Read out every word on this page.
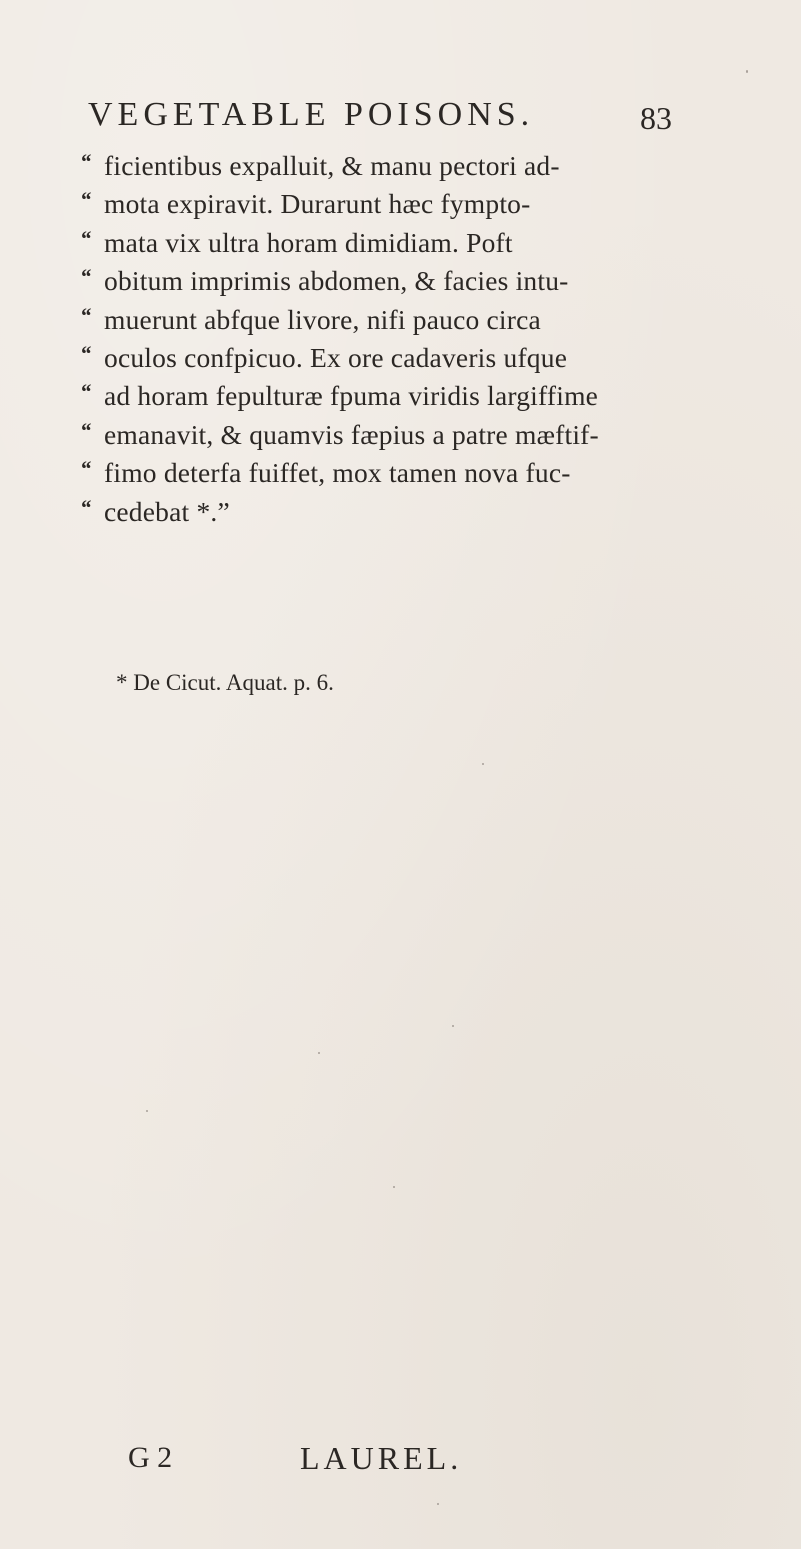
VEGETABLE POISONS.	83
“ ficientibus expalluit, & manu pectori ad-
“ mota expiravit. Durarunt hæc fympto-
“ mata vix ultra horam dimidiam. Poft
“ obitum imprimis abdomen, & facies intu-
“ muerunt abfque livore, nifi pauco circa
“ oculos confpicuo. Ex ore cadaveris ufque
“ ad horam fepulturæ fpuma viridis largiffime
“ emanavit, & quamvis fæpius a patre mæftif-
“ fimo deterfa fuiffet, mox tamen nova fuc-
“ cedebat *.”
* De Cicut. Aquat. p. 6.
G 2	LAUREL.
